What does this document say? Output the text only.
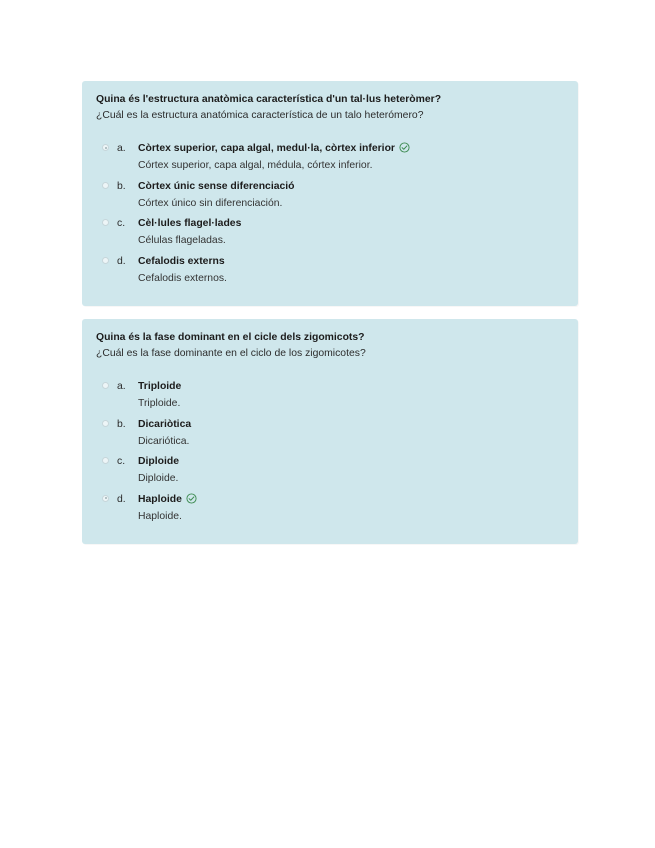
Quina és l'estructura anatòmica característica d'un tal·lus heteròmer?

¿Cuál es la estructura anatómica característica de un talo heterómero?

a. Còrtex superior, capa algal, medul·la, còrtex inferior
Córtex superior, capa algal, médula, córtex inferior.
b. Còrtex únic sense diferenciació
Córtex único sin diferenciación.
c. Cèl·lules flagel·lades
Células flageladas.
d. Cefalodis externs
Cefalodis externos.

Quina és la fase dominant en el cicle dels zigomicots?

¿Cuál es la fase dominante en el ciclo de los zigomicotes?

a. Triploide
Triploide.
b. Dicariòtica
Dicariótica.
c. Diploide
Diploide.
d. Haploide
Haploide.
